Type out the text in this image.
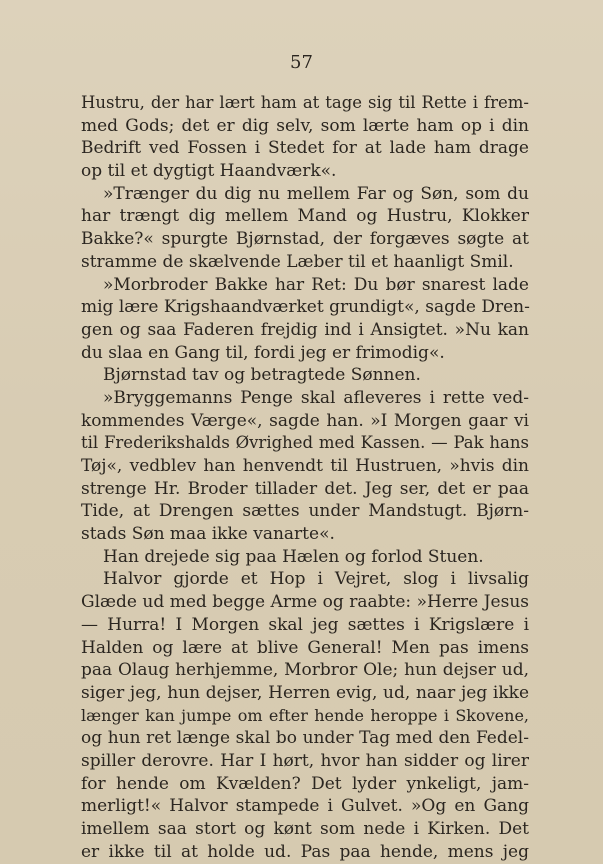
57
Hustru, der har lært ham at tage sig til Rette i frem-
med Gods; det er dig selv, som lærte ham op i din
Bedrift ved Fossen i Stedet for at lade ham drage
op til et dygtigt Haandværk«.
»Trænger du dig nu mellem Far og Søn, som du
har trængt dig mellem Mand og Hustru, Klokker
Bakke?« spurgte Bjørnstad, der forgæves søgte at
stramme de skælvende Læber til et haanligt Smil.
»Morbroder Bakke har Ret: Du bør snarest lade
mig lære Krigshaandværket grundigt«, sagde Dren-
gen og saa Faderen frejdig ind i Ansigtet. »Nu kan
du slaa en Gang til, fordi jeg er frimodig«.
Bjørnstad tav og betragtede Sønnen.
»Bryggemanns Penge skal afleveres i rette ved-
kommendes Værge«, sagde han. »I Morgen gaar vi
til Frederikshalds Øvrighed med Kassen. — Pak hans
Tøj«, vedblev han henvendt til Hustruen, »hvis din
strenge Hr. Broder tillader det. Jeg ser, det er paa
Tide, at Drengen sættes under Mandstugt. Bjørn-
stads Søn maa ikke vanarte«.
Han drejede sig paa Hælen og forlod Stuen.
Halvor gjorde et Hop i Vejret, slog i livsalig
Glæde ud med begge Arme og raabte: »Herre Jesus
— Hurra! I Morgen skal jeg sættes i Krigslære i
Halden og lære at blive General! Men pas imens
paa Olaug herhjemme, Morbror Ole; hun dejser ud,
siger jeg, hun dejser, Herren evig, ud, naar jeg ikke
længer kan jumpe om efter hende heroppe i Skovene,
og hun ret længe skal bo under Tag med den Fedel-
spiller derovre. Har I hørt, hvor han sidder og lirer
for hende om Kvælden? Det lyder ynkeligt, jam-
merligt!« Halvor stampede i Gulvet. »Og en Gang
imellem saa stort og kønt som nede i Kirken. Det
er ikke til at holde ud. Pas paa hende, mens jeg
